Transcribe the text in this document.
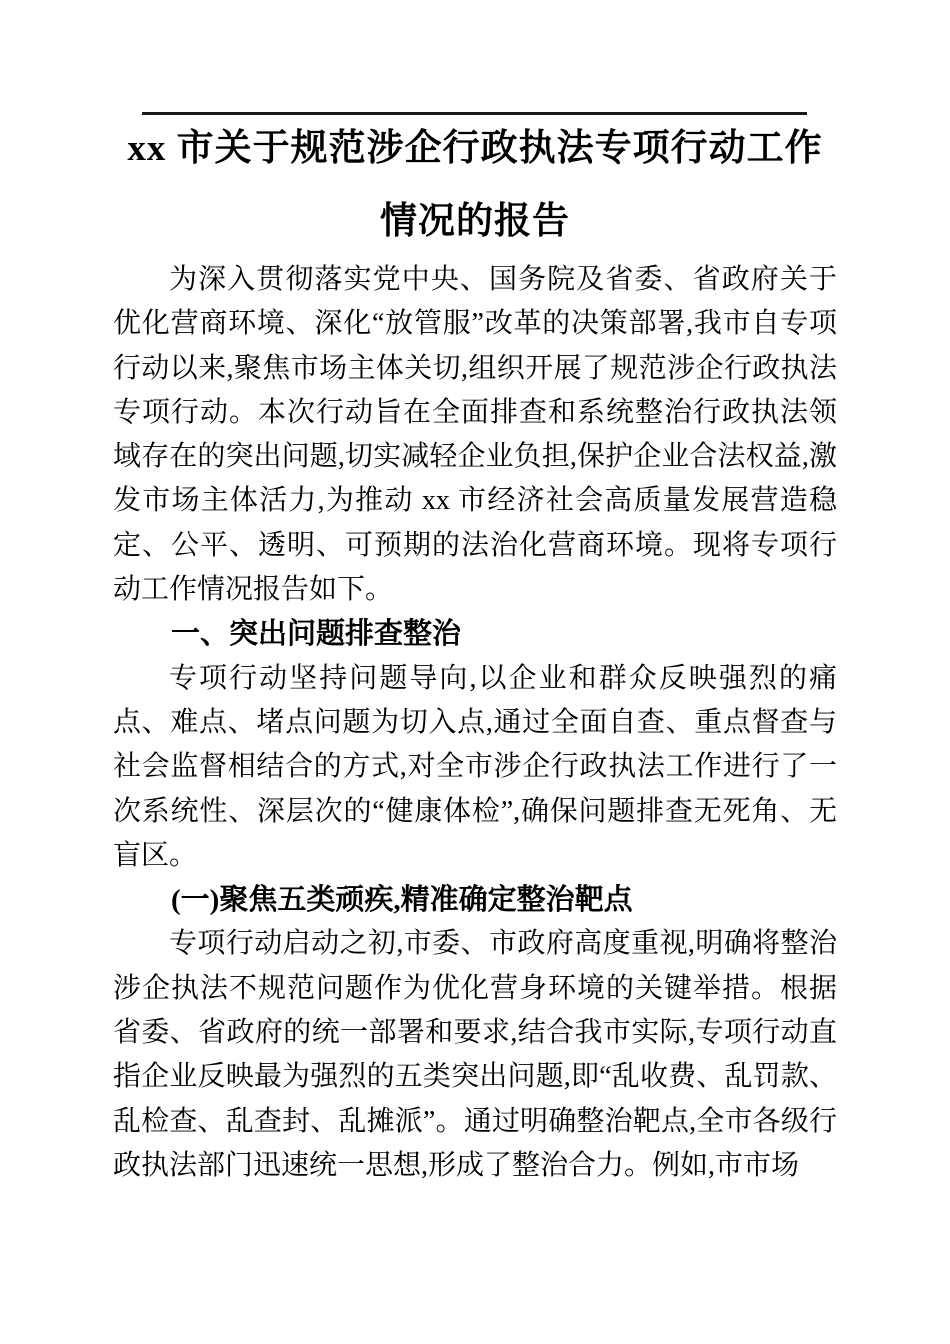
xx 市关于规范涉企行政执法专项行动工作
情况的报告

为深入贯彻落实党中央、国务院及省委、省政府关于优化营商环境、深化“放管服”改革的决策部署,我市自专项行动以来,聚焦市场主体关切,组织开展了规范涉企行政执法专项行动。本次行动旨在全面排查和系统整治行政执法领域存在的突出问题,切实减轻企业负担,保护企业合法权益,激发市场主体活力,为推动 xx 市经济社会高质量发展营造稳定、公平、透明、可预期的法治化营商环境。现将专项行动工作情况报告如下。

一、突出问题排查整治

专项行动坚持问题导向,以企业和群众反映强烈的痛点、难点、堵点问题为切入点,通过全面自查、重点督查与社会监督相结合的方式,对全市涉企行政执法工作进行了一次系统性、深层次的“健康体检”,确保问题排查无死角、无盲区。

(一)聚焦五类顽疾,精准确定整治靶点

专项行动启动之初,市委、市政府高度重视,明确将整治涉企执法不规范问题作为优化营身环境的关键举措。根据省委、省政府的统一部署和要求,结合我市实际,专项行动直指企业反映最为强烈的五类突出问题,即“乱收费、乱罚款、乱检查、乱查封、乱摊派”。通过明确整治靶点,全市各级行政执法部门迅速统一思想,形成了整治合力。例如,市市场
